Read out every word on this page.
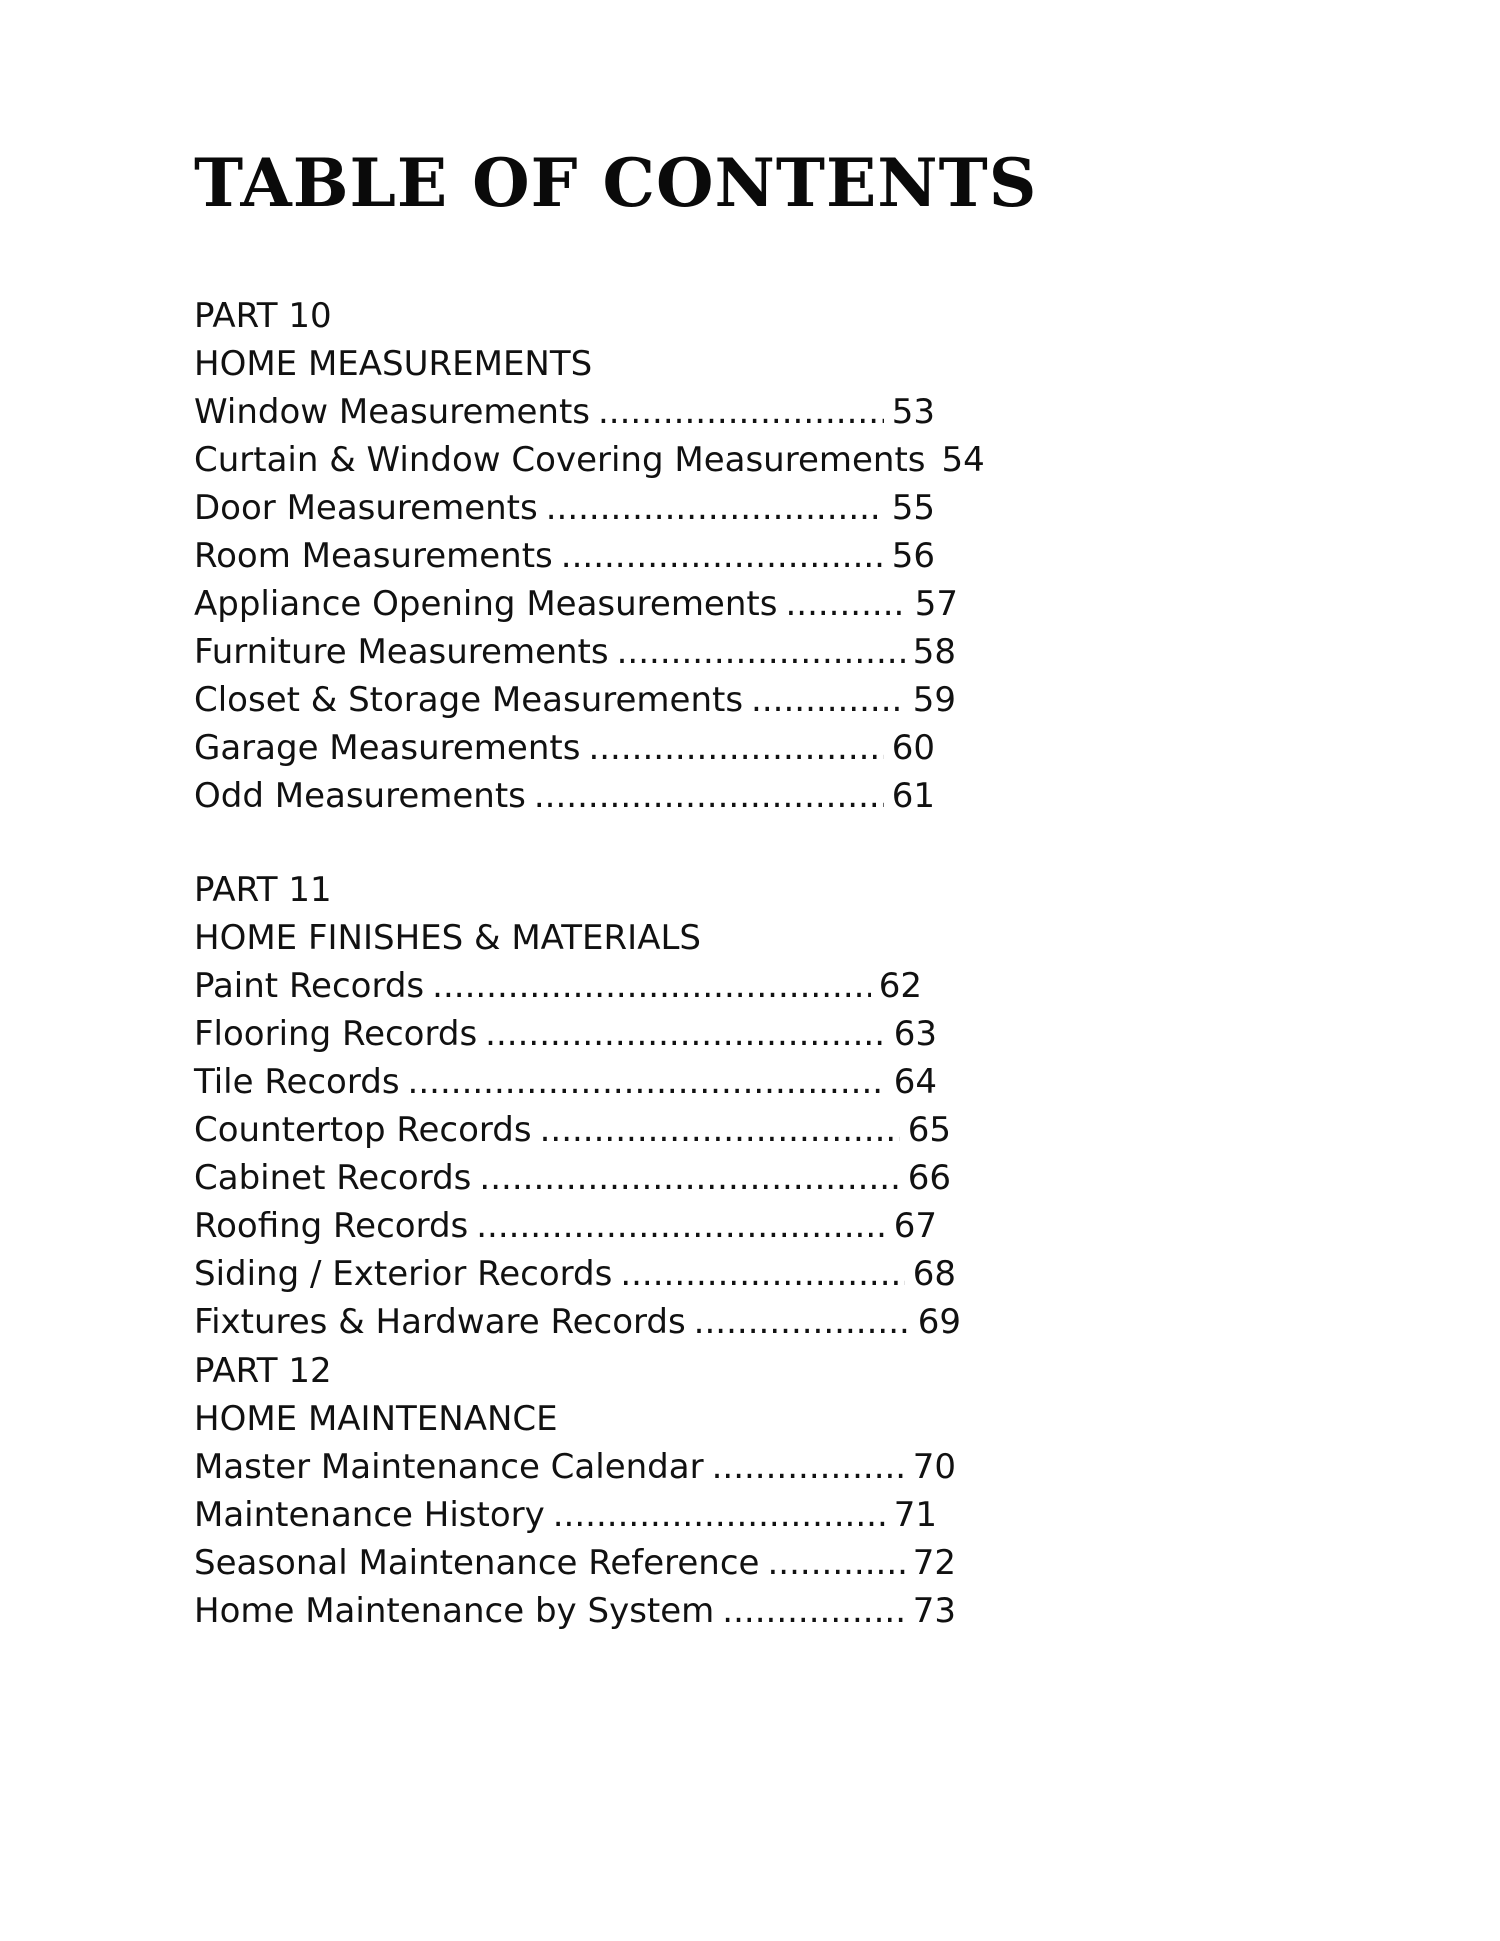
TABLE OF CONTENTS
PART 10
HOME MEASUREMENTS
Window Measurements .....	53
Curtain & Window Covering Measurements 54
Door Measurements .....	55
Room Measurements .....	56
Appliance Opening Measurements .....	57
Furniture Measurements .....	58
Closet & Storage Measurements .....	59
Garage Measurements .....	60
Odd Measurements .....	61
PART 11
HOME FINISHES & MATERIALS
Paint Records .....	62
Flooring Records .....	63
Tile Records .....	64
Countertop Records .....	65
Cabinet Records .....	66
Roofing Records .....	67
Siding / Exterior Records .....	68
Fixtures & Hardware Records .....	69
PART 12
HOME MAINTENANCE
Master Maintenance Calendar .....	70
Maintenance History .....	71
Seasonal Maintenance Reference .....	72
Home Maintenance by System .....	73
